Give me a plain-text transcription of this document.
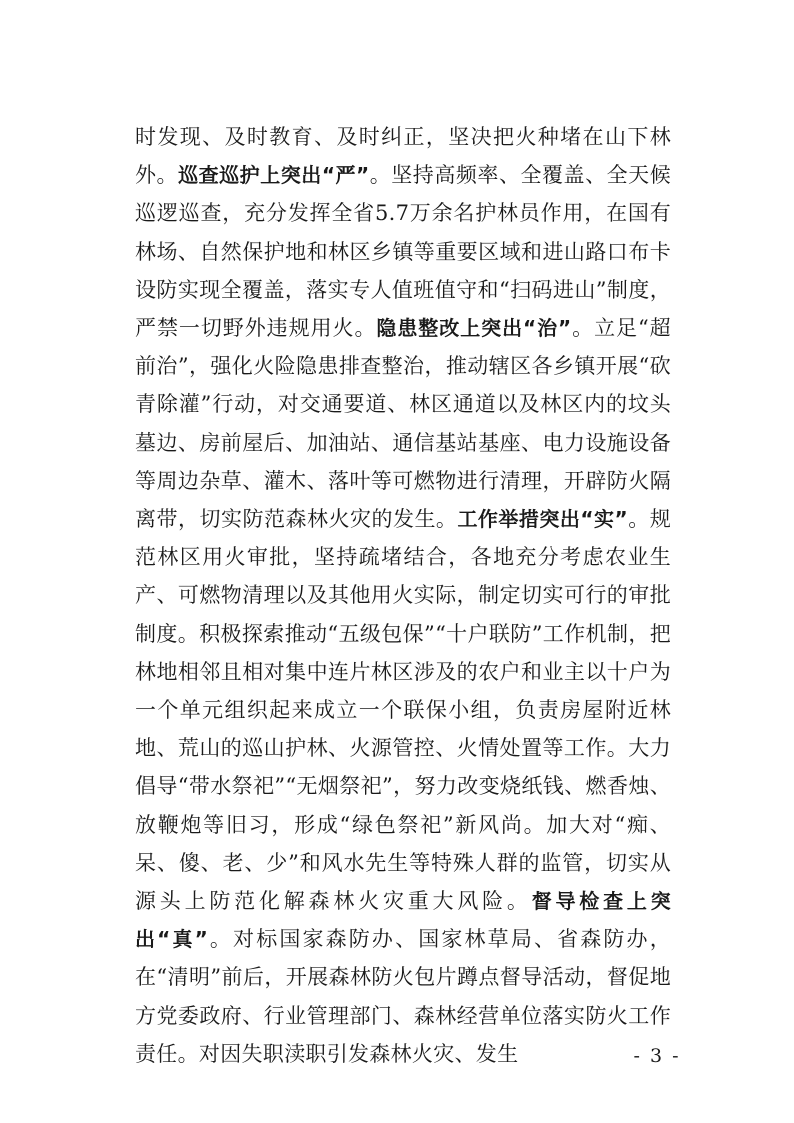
时发现、及时教育、及时纠正，坚决把火种堵在山下林外。巡查巡护上突出“严”。坚持高频率、全覆盖、全天候巡逻巡查，充分发挥全省5.7万余名护林员作用，在国有林场、自然保护地和林区乡镇等重要区域和进山路口布卡设防实现全覆盖，落实专人值班值守和“扫码进山”制度，严禁一切野外违规用火。隐患整改上突出“治”。立足“超前治”，强化火险隐患排查整治，推动辖区各乡镇开展“砍青除灌”行动，对交通要道、林区通道以及林区内的坟头墓边、房前屋后、加油站、通信基站基座、电力设施设备等周边杂草、灌木、落叶等可燃物进行清理，开辟防火隔离带，切实防范森林火灾的发生。工作举措突出“实”。规范林区用火审批，坚持疏堵结合，各地充分考虑农业生产、可燃物清理以及其他用火实际，制定切实可行的审批制度。积极探索推动“五级包保”“十户联防”工作机制，把林地相邻且相对集中连片林区涉及的农户和业主以十户为一个单元组织起来成立一个联保小组，负责房屋附近林地、荒山的巡山护林、火源管控、火情处置等工作。大力倡导“带水祭祀”“无烟祭祀”，努力改变烧纸钱、燃香烛、放鞭炮等旧习，形成“绿色祭祀”新风尚。加大对“痴、呆、傻、老、少”和风水先生等特殊人群的监管，切实从源头上防范化解森林火灾重大风险。督导检查上突出“真”。对标国家森防办、国家林草局、省森防办，在“清明”前后，开展森林防火包片蹲点督导活动，督促地方党委政府、行业管理部门、森林经营单位落实防火工作责任。对因失职渎职引发森林火灾、发生	- 3 -
